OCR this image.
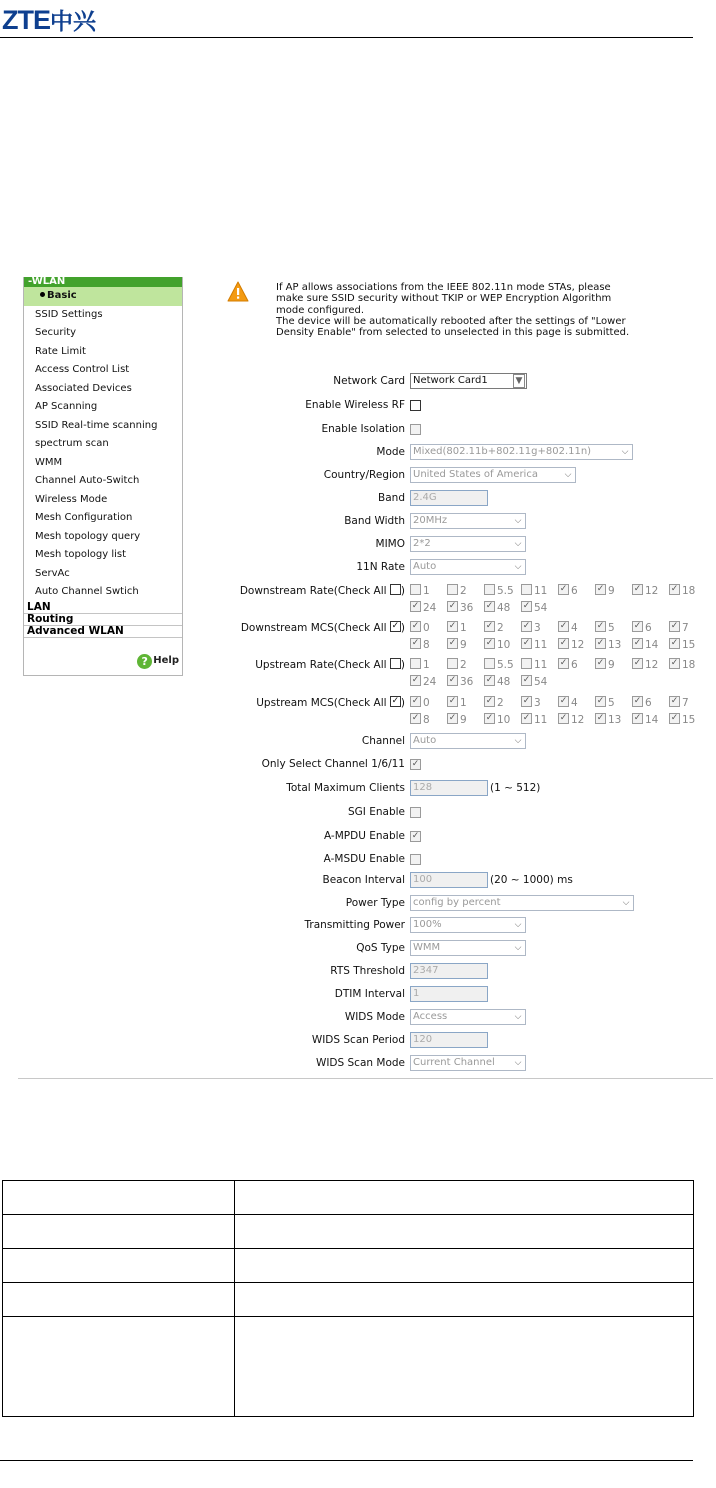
ZTE中兴
-WLAN
Basic
SSID Settings
Security
Rate Limit
Access Control List
Associated Devices
AP Scanning
SSID Real-time scanning
spectrum scan
WMM
Channel Auto-Switch
Wireless Mode
Mesh Configuration
Mesh topology query
Mesh topology list
ServAc
Auto Channel Swtich
LAN
Routing
Advanced WLAN
? Help
If AP allows associations from the IEEE 802.11n mode STAs, please
make sure SSID security without TKIP or WEP Encryption Algorithm
mode configured.
The device will be automatically rebooted after the settings of "Lower
Density Enable" from selected to unselected in this page is submitted.
Network Card Network Card1	▼
Enable Wireless RF
Enable Isolation
Mode Mixed(802.11b+802.11g+802.11n)	⌵
Country/Region United States of America	⌵
Band 2.4G
Band Width 20MHz	⌵
MIMO 2*2	⌵
11N Rate Auto	⌵
Downstream Rate(Check All )	1	2	5.5	11 ✓	6 ✓	9 ✓	12 ✓	18
✓24 ✓	36 ✓	48 ✓	54
Downstream MCS(Check All ✓ ) ✓	0 ✓	1 ✓	2 ✓	3 ✓	4 ✓	5 ✓	6 ✓	7
✓8 ✓	9 ✓	10 ✓	11 ✓	12 ✓	13 ✓	14 ✓	15
Upstream Rate(Check All )	1	2	5.5	11 ✓	6 ✓	9 ✓	12 ✓	18
✓24 ✓	36 ✓	48 ✓	54
Upstream MCS(Check All ✓ ) ✓	0 ✓	1 ✓	2 ✓	3 ✓	4 ✓	5 ✓	6 ✓	7
✓8 ✓	9 ✓	10 ✓	11 ✓	12 ✓	13 ✓	14 ✓	15
Channel Auto	⌵
Only Select Channel 1/6/11
✓
Total Maximum Clients 128	(1 ~ 512)
SGI Enable
A-MPDU Enable
✓
A-MSDU Enable
Beacon Interval 100	(20 ~ 1000) ms
Power Type config by percent	⌵
Transmitting Power 100%	⌵
QoS Type WMM	⌵
RTS Threshold 2347
DTIM Interval 1
WIDS Mode Access	⌵
WIDS Scan Period 120
WIDS Scan Mode Current Channel ⌵
